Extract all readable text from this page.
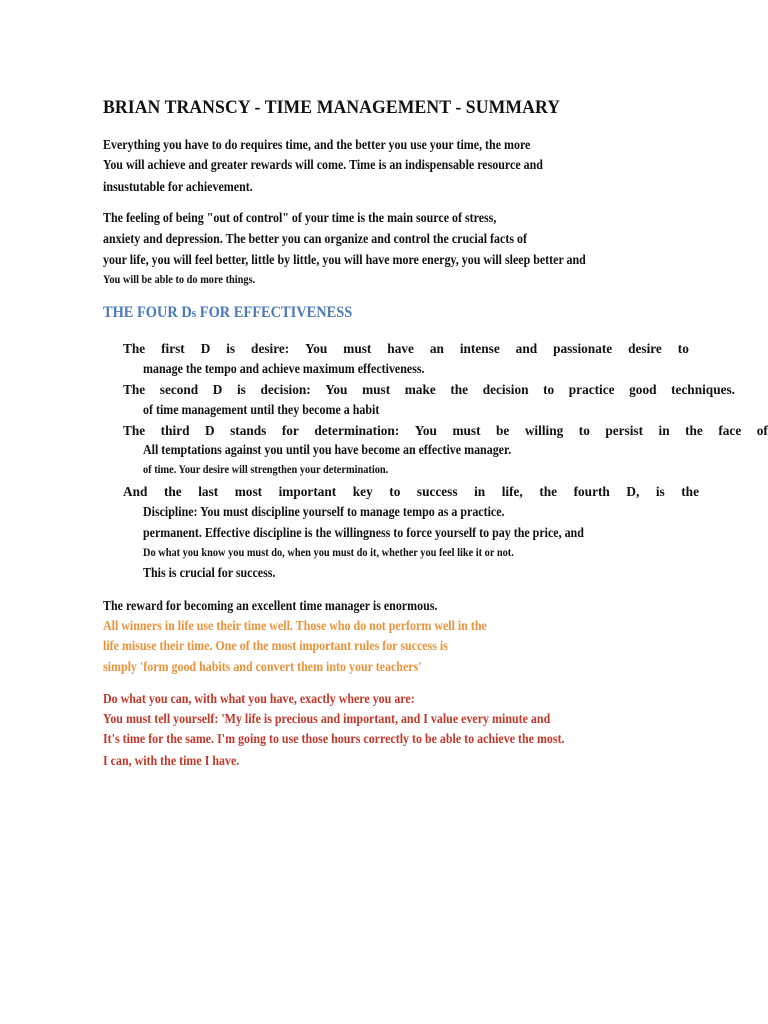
BRIAN TRANSCY - TIME MANAGEMENT - SUMMARY
Everything you have to do requires time, and the better you use your time, the more
You will achieve and greater rewards will come. Time is an indispensable resource and
insustutable for achievement.
The feeling of being "out of control" of your time is the main source of stress,
anxiety and depression. The better you can organize and control the crucial facts of
your life, you will feel better, little by little, you will have more energy, you will sleep better and
You will be able to do more things.
THE FOUR Ds FOR EFFECTIVENESS
The first D is desire: You must have an intense and passionate desire to
manage the tempo and achieve maximum effectiveness.
The second D is decision: You must make the decision to practice good techniques.
of time management until they become a habit
The third D stands for determination: You must be willing to persist in the face of
All temptations against you until you have become an effective manager.
of time. Your desire will strengthen your determination.
And the last most important key to success in life, the fourth D, is the
Discipline: You must discipline yourself to manage tempo as a practice.
permanent. Effective discipline is the willingness to force yourself to pay the price, and
Do what you know you must do, when you must do it, whether you feel like it or not.
This is crucial for success.
The reward for becoming an excellent time manager is enormous.
All winners in life use their time well. Those who do not perform well in the
life misuse their time. One of the most important rules for success is
simply 'form good habits and convert them into your teachers'
Do what you can, with what you have, exactly where you are:
You must tell yourself: 'My life is precious and important, and I value every minute and
It's time for the same. I'm going to use those hours correctly to be able to achieve the most.
I can, with the time I have.
